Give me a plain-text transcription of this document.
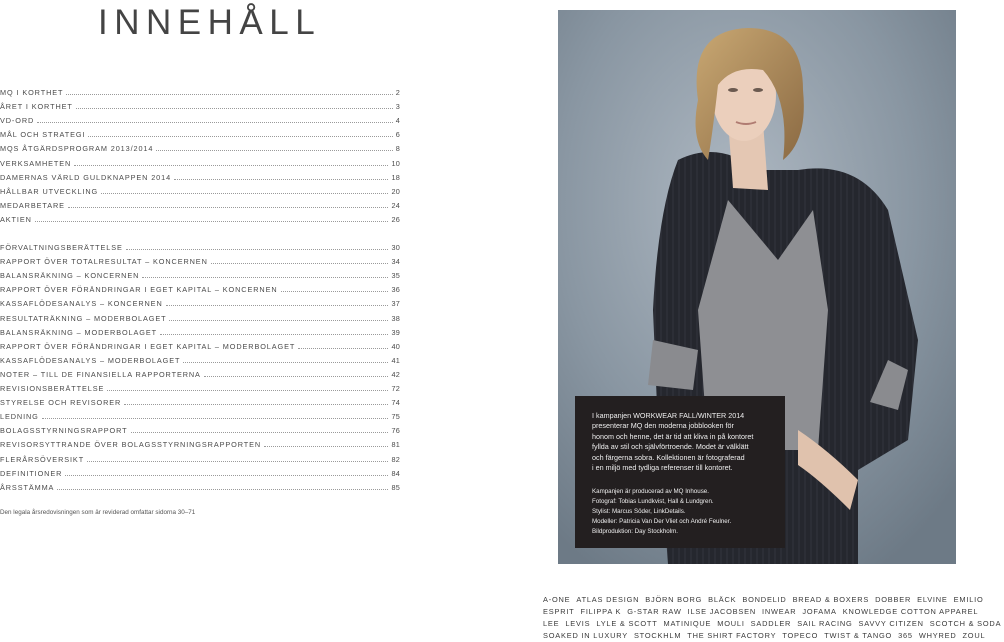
INNEHÅLL
MQ I KORTHET	2
ÅRET I KORTHET	3
VD-ORD	4
MÅL OCH STRATEGI	6
MQS ÅTGÄRDSPROGRAM 2013/2014	8
VERKSAMHETEN	10
DAMERNAS VÄRLD GULDKNAPPEN 2014	18
HÅLLBAR UTVECKLING	20
MEDARBETARE	24
AKTIEN	26
FÖRVALTNINGSBERÄTTELSE	30
RAPPORT ÖVER TOTALRESULTAT – KONCERNEN	34
BALANSRÄKNING – KONCERNEN	35
RAPPORT ÖVER FÖRÄNDRINGAR I EGET KAPITAL – KONCERNEN	36
KASSAFLÖDESANALYS – KONCERNEN	37
RESULTATRÄKNING – MODERBOLAGET	38
BALANSRÄKNING – MODERBOLAGET	39
RAPPORT ÖVER FÖRÄNDRINGAR I EGET KAPITAL – MODERBOLAGET	40
KASSAFLÖDESANALYS – MODERBOLAGET	41
NOTER – TILL DE FINANSIELLA RAPPORTERNA	42
REVISIONSBERÄTTELSE	72
STYRELSE OCH REVISORER	74
LEDNING	75
BOLAGSSTYRNINGSRAPPORT	76
REVISORSYTTRANDE ÖVER BOLAGSSTYRNINGSRAPPORTEN	81
FLERÅRSÖVERSIKT	82
DEFINITIONER	84
ÅRSSTÄMMA	85
Den legala årsredovisningen som är reviderad omfattar sidorna 30–71
I kampanjen WORKWEAR FALL/WINTER 2014
presenterar MQ den moderna jobblooken för
honom och henne, det är tid att kliva in på kontoret
fyllda av stil och självförtroende. Modet är välklätt
och färgerna sobra. Kollektionen är fotograferad
i en miljö med tydliga referenser till kontoret.
Kampanjen är producerad av MQ Inhouse.
Fotograf: Tobias Lundkvist, Hall & Lundgren.
Stylist: Marcus Söder, LinkDetails.
Modeller: Patricia Van Der Vliet och André Feulner.
Bildproduktion: Day Stockholm.
A-ONE ATLAS DESIGN BJÖRN BORG BLÄCK BONDELID BREAD & BOXERS DOBBER ELVINE EMILIO
ESPRIT FILIPPA K G-STAR RAW ILSE JACOBSEN INWEAR JOFAMA KNOWLEDGE COTTON APPAREL
LEE LEVIS LYLE & SCOTT MATINIQUE MOULI SADDLER SAIL RACING SAVVY CITIZEN SCOTCH & SODA
SOAKED IN LUXURY STOCKHLM THE SHIRT FACTORY TOPECO TWIST & TANGO 365 WHYRED ZOUL
